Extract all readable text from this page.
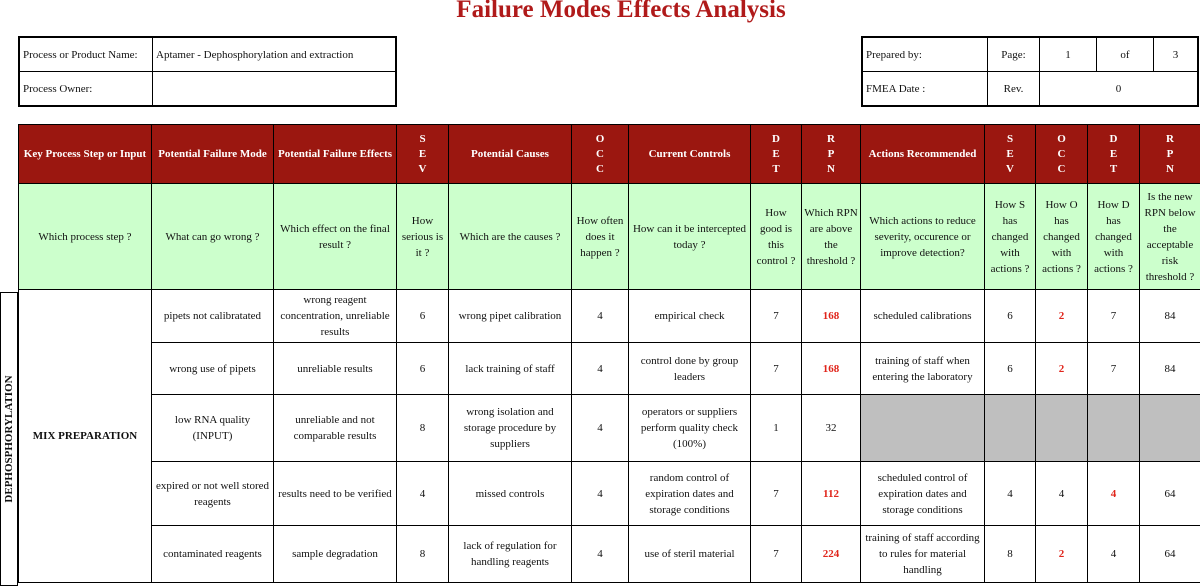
Failure Modes Effects Analysis
Process or Product Name:	Aptamer - Dephosphorylation and extraction
Process Owner:	
Prepared by:	Page:	1	of	3
FMEA Date :	Rev.	0		
Key Process Step or Input	Potential Failure Mode	Potential Failure Effects	S
E
V	Potential Causes	O
C
C	Current Controls	D
E
T	R
P
N	Actions Recommended	S
E
V	O
C
C	D
E
T	R
P
N

Which process step ?	What can go wrong ?	Which effect on the final result ?	How serious is it ?	Which are the causes ?	How often does it happen ?	How can it be intercepted today ?	How good is this control ?	Which RPN are above the threshold ?	Which actions to reduce severity, occurence or improve detection?	How S has changed with actions ?	How O has changed with actions ?	How D has changed with actions ?	Is the new RPN below the acceptable risk threshold ?
MIX PREPARATION	pipets not calibratated	wrong reagent concentration, unreliable results	6	wrong pipet calibration	4	empirical check	7	168	scheduled calibrations	6	2	7	84
	wrong use of pipets	unreliable results	6	lack training of staff	4	control done by group leaders	7	168	training of staff when entering the laboratory	6	2	7	84
	low RNA quality (INPUT)	unreliable and not comparable results	8	wrong isolation and storage procedure by suppliers	4	operators or suppliers perform quality check (100%)	1	32					
	expired or not well stored reagents	results need to be verified	4	missed controls	4	random control of expiration dates and storage conditions	7	112	scheduled control of expiration dates and storage conditions	4	4	4	64
	contaminated reagents	sample degradation	8	lack of regulation for handling reagents	4	use of steril material	7	224	training of staff according to rules for material handling	8	2	4	64
DEPHOSPHORYLATION
